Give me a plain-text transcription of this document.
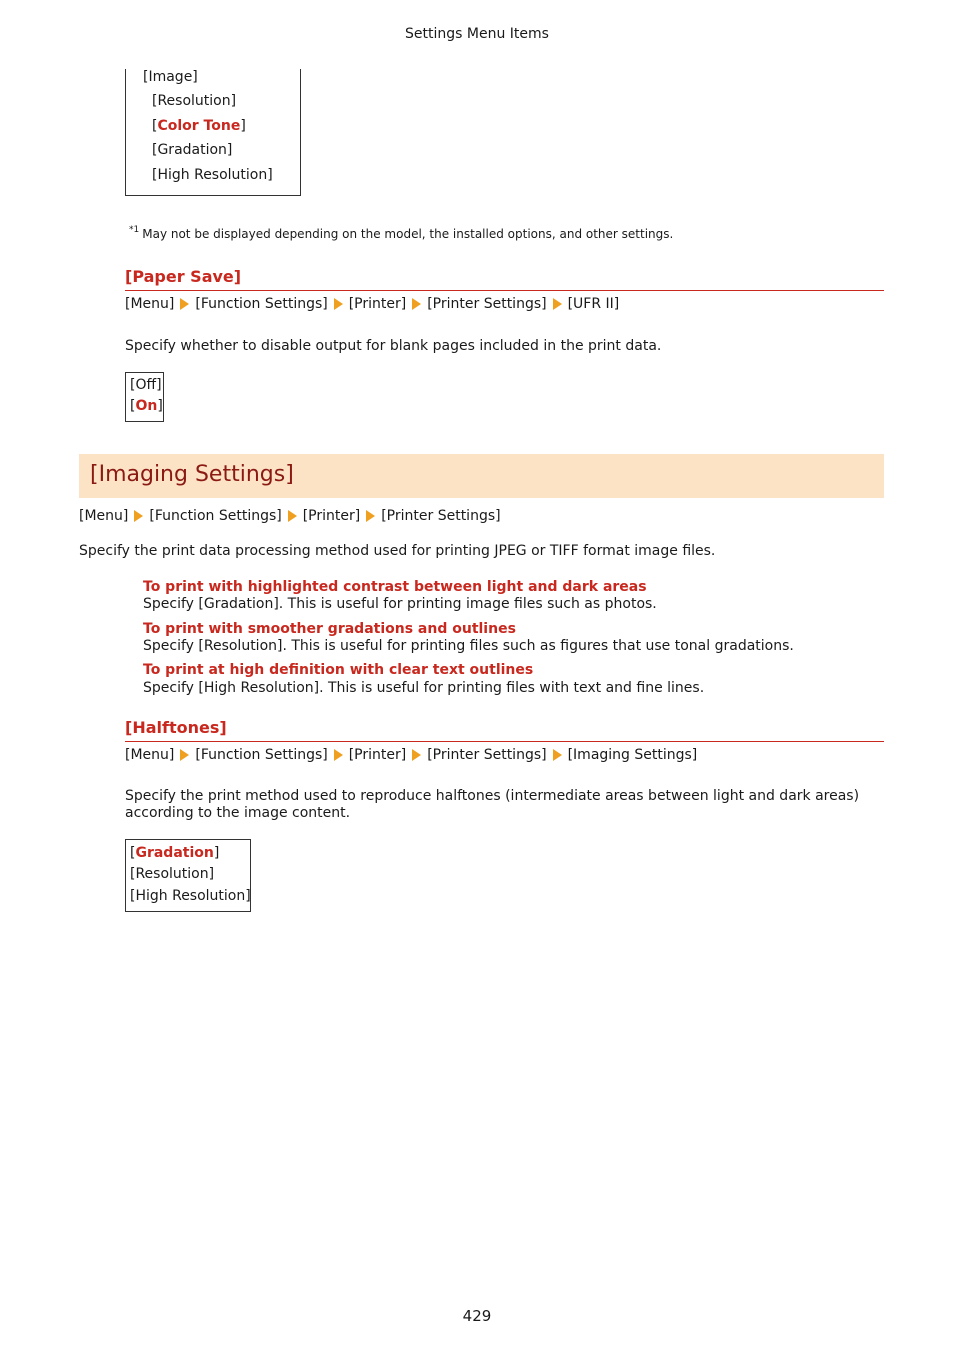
Settings Menu Items
[Image]
[Resolution]
[Color Tone]
[Gradation]
[High Resolution]
$^{*1}$ May not be displayed depending on the model, the installed options, and other settings.
[Paper Save]
[Menu] [Function Settings] [Printer] [Printer Settings] [UFR II]
Specify whether to disable output for blank pages included in the print data.
[Off]
[On]
[Imaging Settings]
[Menu] [Function Settings] [Printer] [Printer Settings]
Specify the print data processing method used for printing JPEG or TIFF format image files.
To print with highlighted contrast between light and dark areas
Specify [Gradation]. This is useful for printing image files such as photos.
To print with smoother gradations and outlines
Specify [Resolution]. This is useful for printing files such as figures that use tonal gradations.
To print at high definition with clear text outlines
Specify [High Resolution]. This is useful for printing files with text and fine lines.
[Halftones]
[Menu] [Function Settings] [Printer] [Printer Settings] [Imaging Settings]
Specify the print method used to reproduce halftones (intermediate areas between light and dark areas)
according to the image content.
[Gradation]
[Resolution]
[High Resolution]
429
